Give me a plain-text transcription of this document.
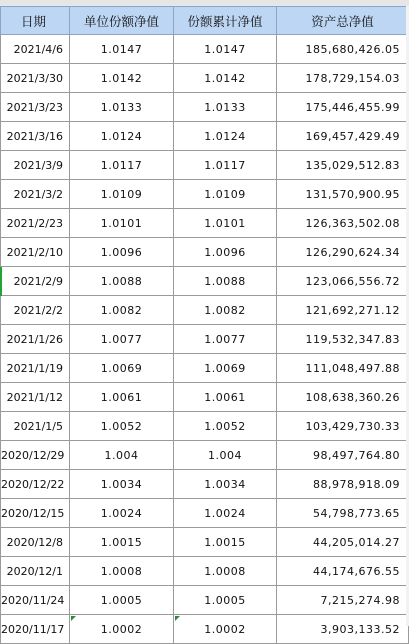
日期	单位份额净值	份额累计净值	资产总净值
2021/4/6	1.0147	1.0147	185,680,426.05
2021/3/30	1.0142	1.0142	178,729,154.03
2021/3/23	1.0133	1.0133	175,446,455.99
2021/3/16	1.0124	1.0124	169,457,429.49
2021/3/9	1.0117	1.0117	135,029,512.83
2021/3/2	1.0109	1.0109	131,570,900.95
2021/2/23	1.0101	1.0101	126,363,502.08
2021/2/10	1.0096	1.0096	126,290,624.34
2021/2/9	1.0088	1.0088	123,066,556.72
2021/2/2	1.0082	1.0082	121,692,271.12
2021/1/26	1.0077	1.0077	119,532,347.83
2021/1/19	1.0069	1.0069	111,048,497.88
2021/1/12	1.0061	1.0061	108,638,360.26
2021/1/5	1.0052	1.0052	103,429,730.33
2020/12/29	1.004	1.004	98,497,764.80
2020/12/22	1.0034	1.0034	88,978,918.09
2020/12/15	1.0024	1.0024	54,798,773.65
2020/12/8	1.0015	1.0015	44,205,014.27
2020/12/1	1.0008	1.0008	44,174,676.55
2020/11/24	1.0005	1.0005	7,215,274.98
2020/11/17	1.0002	1.0002	3,903,133.52
